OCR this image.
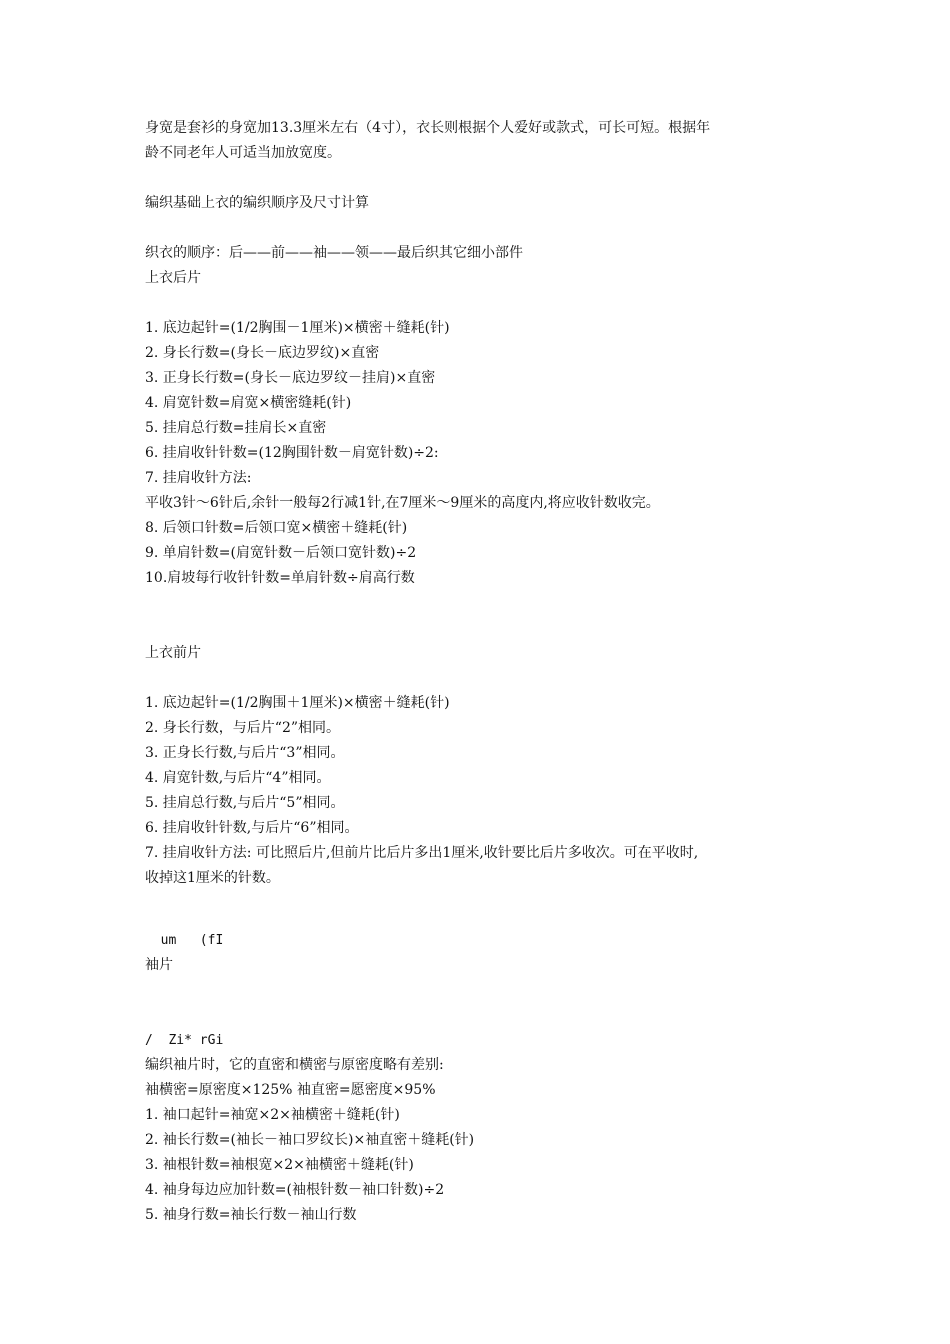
身宽是套衫的身宽加13.3厘米左右（4寸），衣长则根据个人爱好或款式，可长可短。根据年
龄不同老年人可适当加放宽度。
编织基础上衣的编织顺序及尺寸计算
织衣的顺序：后——前——袖——领——最后织其它细小部件
上衣后片
1. 底边起针=(1/2胸围－1厘米)×横密＋缝耗(针)
2. 身长行数=(身长－底边罗纹)×直密
3. 正身长行数=(身长－底边罗纹－挂肩)×直密
4. 肩宽针数=肩宽×横密缝耗(针)
5. 挂肩总行数=挂肩长×直密
6. 挂肩收针针数=(12胸围针数－肩宽针数)÷2:
7. 挂肩收针方法:
平收3针～6针后,余针一般每2行减1针,在7厘米～9厘米的高度内,将应收针数收完。
8. 后领口针数=后领口宽×横密＋缝耗(针)
9. 单肩针数=(肩宽针数－后领口宽针数)÷2
10.肩坡每行收针针数=单肩针数÷肩高行数
上衣前片
1. 底边起针=(1/2胸围＋1厘米)×横密＋缝耗(针)
2. 身长行数，与后片“2”相同。
3. 正身长行数,与后片“3”相同。
4. 肩宽针数,与后片“4”相同。
5. 挂肩总行数,与后片“5”相同。
6. 挂肩收针针数,与后片“6”相同。
7. 挂肩收针方法: 可比照后片,但前片比后片多出1厘米,收针要比后片多收次。可在平收时,
收掉这1厘米的针数。
um   (fI
袖片
/  Zi* rGi
编织袖片时，它的直密和横密与原密度略有差别:
袖横密=原密度×125% 袖直密=愿密度×95%
1. 袖口起针=袖宽×2×袖横密＋缝耗(针)
2. 袖长行数=(袖长－袖口罗纹长)×袖直密＋缝耗(针)
3. 袖根针数=袖根宽×2×袖横密＋缝耗(针)
4. 袖身每边应加针数=(袖根针数－袖口针数)÷2
5. 袖身行数=袖长行数－袖山行数
